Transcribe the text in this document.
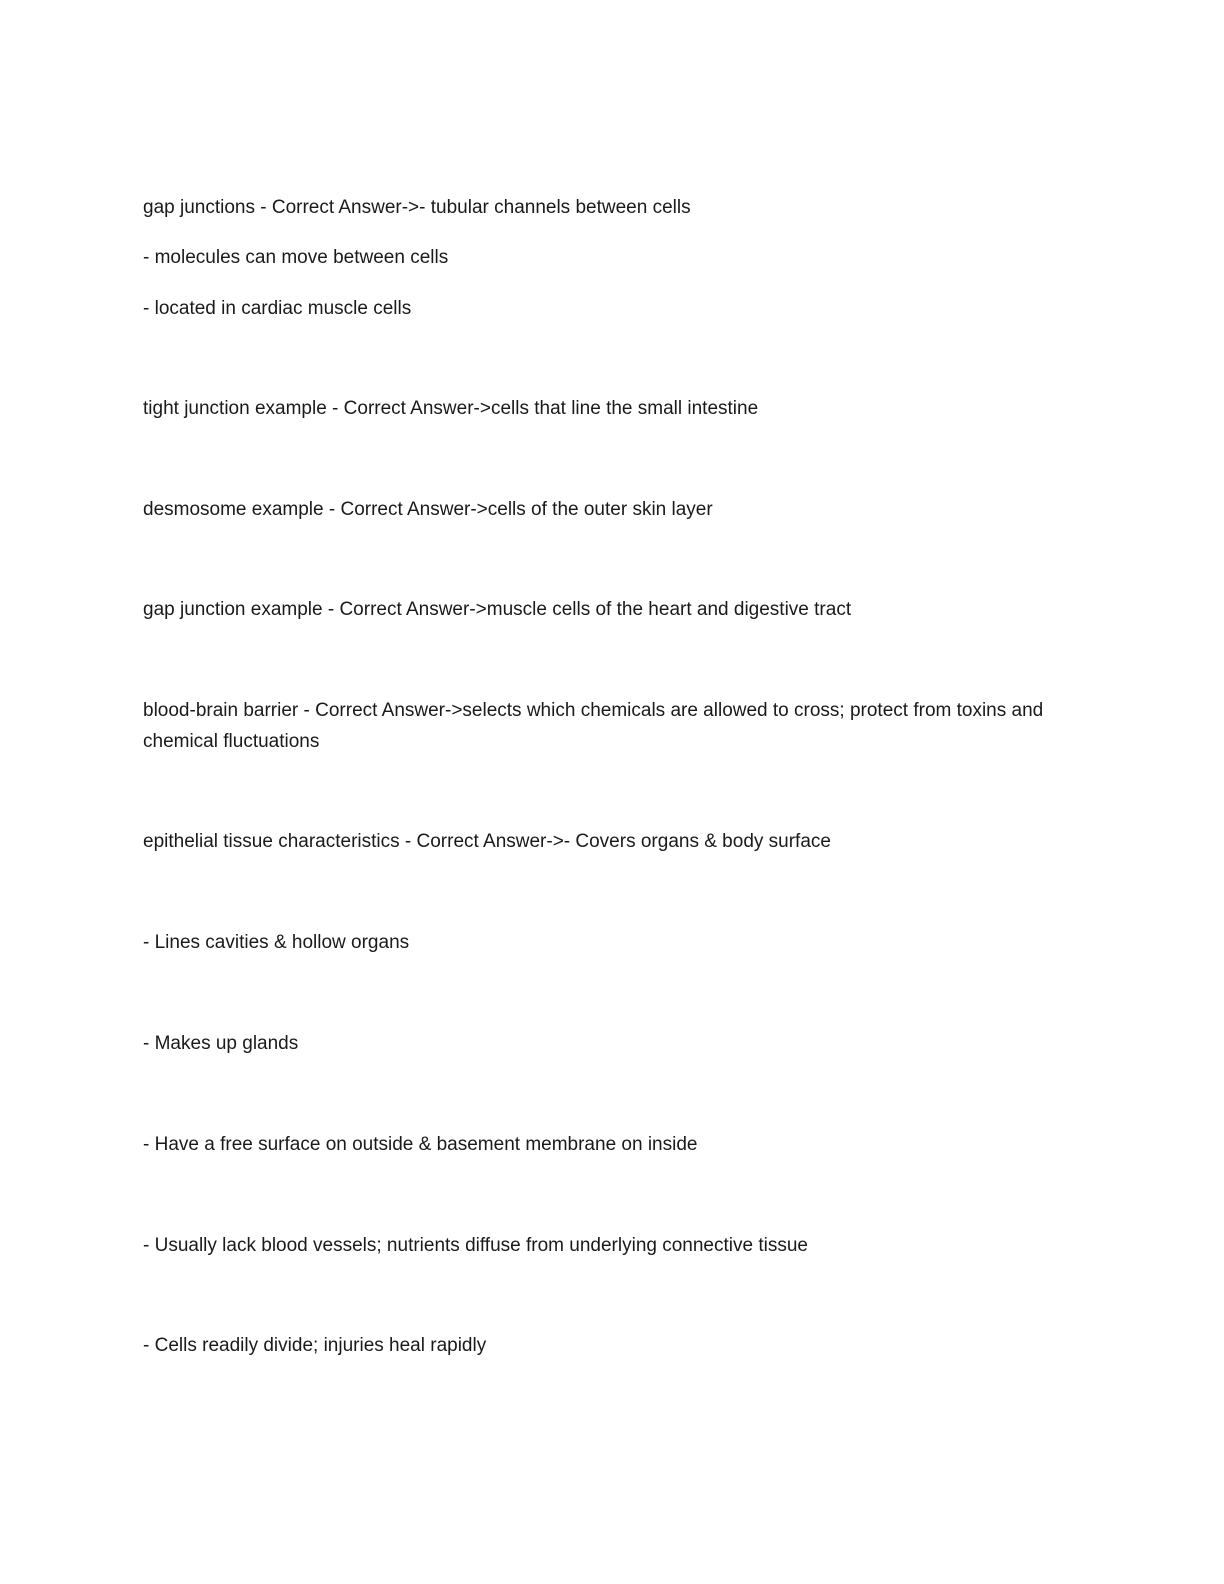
gap junctions - Correct Answer->- tubular channels between cells

- molecules can move between cells

- located in cardiac muscle cells

tight junction example - Correct Answer->cells that line the small intestine

desmosome example - Correct Answer->cells of the outer skin layer

gap junction example - Correct Answer->muscle cells of the heart and digestive tract

blood-brain barrier - Correct Answer->selects which chemicals are allowed to cross; protect from toxins and chemical fluctuations

epithelial tissue characteristics - Correct Answer->- Covers organs & body surface

- Lines cavities & hollow organs

- Makes up glands

- Have a free surface on outside & basement membrane on inside

- Usually lack blood vessels; nutrients diffuse from underlying connective tissue

- Cells readily divide; injuries heal rapidly
